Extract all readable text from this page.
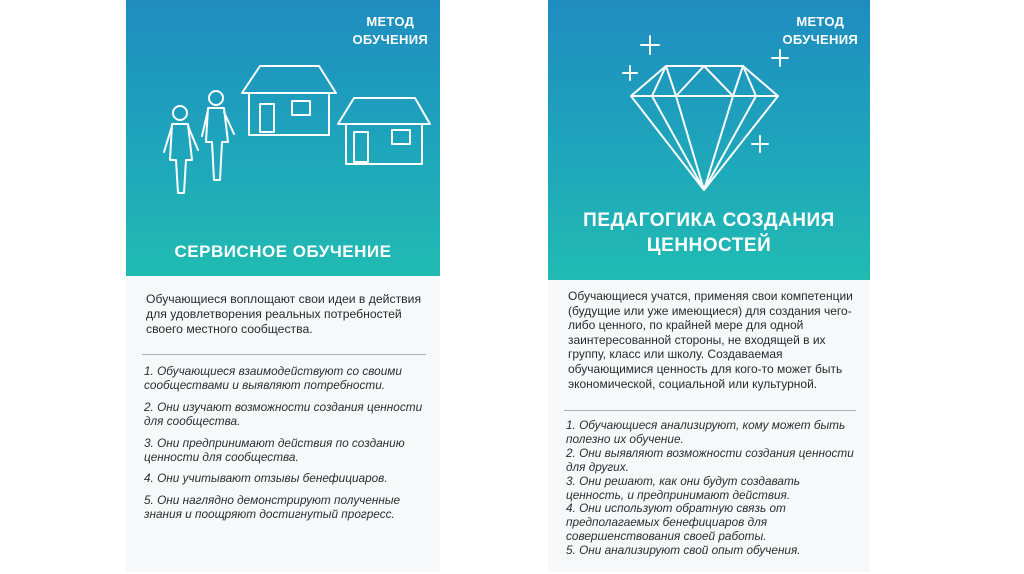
МЕТОД
ОБУЧЕНИЯ
СЕРВИСНОЕ ОБУЧЕНИЕ
Обучающиеся воплощают свои идеи в действия для удовлетворения реальных потребностей своего местного сообщества.
1. Обучающиеся взаимодействуют со своими сообществами и выявляют потребности.
2. Они изучают возможности создания ценности для сообщества.
3. Они предпринимают действия по созданию ценности для сообщества.
4. Они учитывают отзывы бенефициаров.
5. Они наглядно демонстрируют полученные знания и поощряют достигнутый прогресс.
МЕТОД
ОБУЧЕНИЯ
ПЕДАГОГИКА СОЗДАНИЯ
ЦЕННОСТЕЙ
Обучающиеся учатся, применяя свои компетенции (будущие или уже имеющиеся) для создания чего-либо ценного, по крайней мере для одной заинтересованной стороны, не входящей в их группу, класс или школу. Создаваемая обучающимися ценность для кого-то может быть экономической, социальной или культурной.
1. Обучающиеся анализируют, кому может быть полезно их обучение.
2. Они выявляют возможности создания ценности для других.
3. Они решают, как они будут создавать ценность, и предпринимают действия.
4. Они используют обратную связь от предполагаемых бенефициаров для совершенствования своей работы.
5. Они анализируют свой опыт обучения.
